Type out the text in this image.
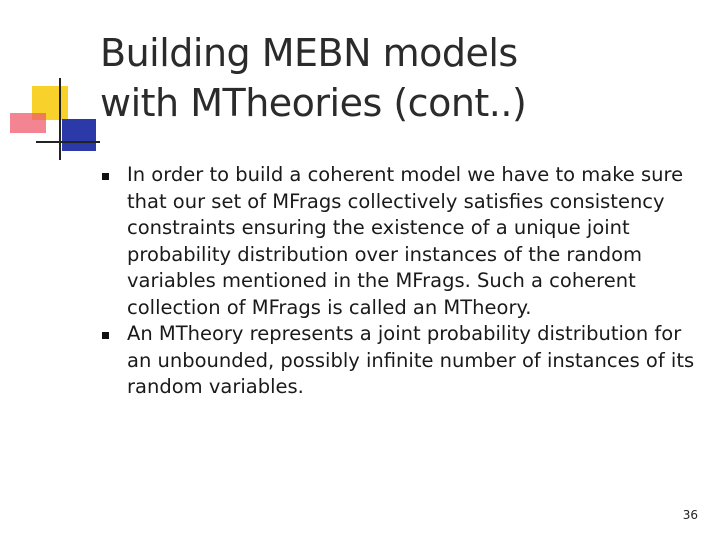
Building MEBN models
with MTheories (cont..)
In order to build a coherent model we have to make sure that our set of MFrags collectively satisfies consistency constraints ensuring the existence of a unique joint probability distribution over instances of the random variables mentioned in the MFrags. Such a coherent collection of MFrags is called an MTheory.
An MTheory represents a joint probability distribution for an unbounded, possibly infinite number of instances of its random variables.
36
